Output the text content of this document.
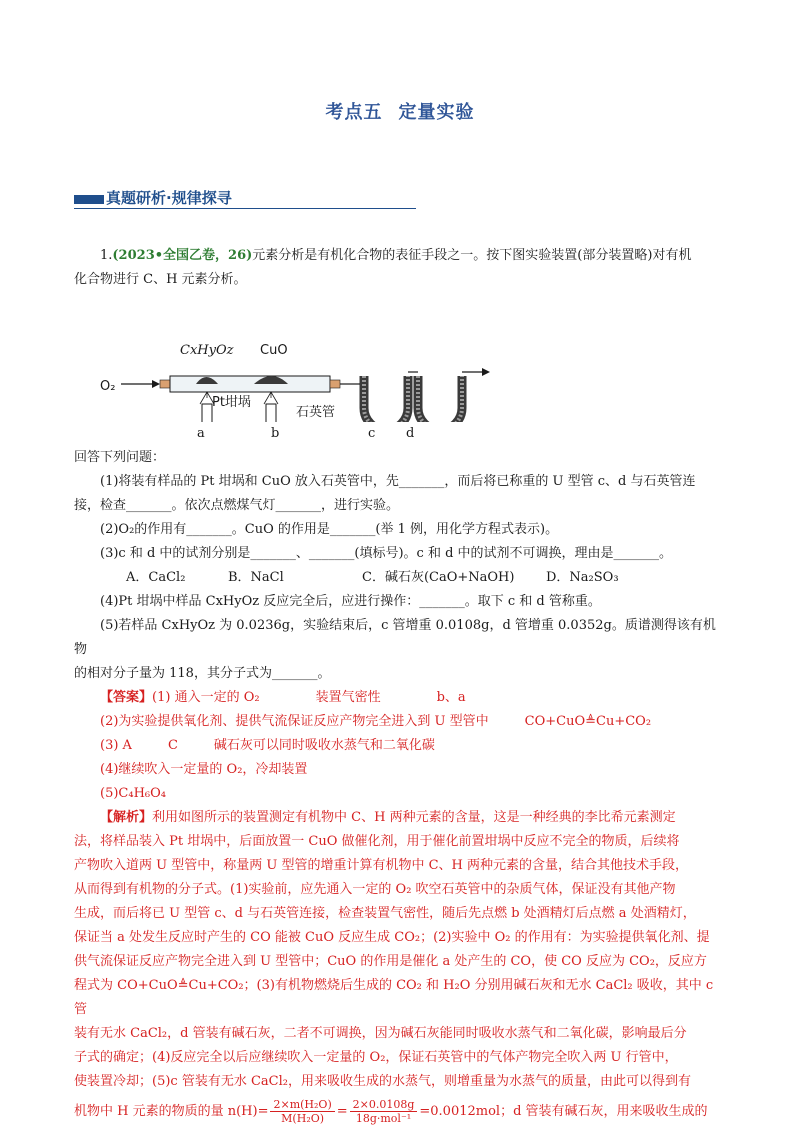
考点五 定量实验
真题研析·规律探寻

1.(2023•全国乙卷，26)元素分析是有机化合物的表征手段之一。按下图实验装置(部分装置略)对有机

化合物进行 C、H 元素分析。

O₂
CxHyOz CuO
Pt坩埚
石英管

a	b	c d

回答下列问题：

(1)将装有样品的 Pt 坩埚和 CuO 放入石英管中，先_______，而后将已称重的 U 型管 c、d 与石英管连

接，检查_______。依次点燃煤气灯_______，进行实验。

(2)O₂的作用有_______。CuO 的作用是_______(举 1 例，用化学方程式表示)。

(3)c 和 d 中的试剂分别是_______、_______(填标号)。c 和 d 中的试剂不可调换，理由是_______。

A．CaCl₂	B．NaCl	C．碱石灰(CaO+NaOH) D．Na₂SO₃

(4)Pt 坩埚中样品 CxHyOz 反应完全后，应进行操作：_______。取下 c 和 d 管称重。

(5)若样品 CxHyOz 为 0.0236g，实验结束后，c 管增重 0.0108g，d 管增重 0.0352g。质谱测得该有机物

的相对分子量为 118，其分子式为_______。

【答案】(1) 通入一定的 O₂	装置气密性	b、a

(2)为实验提供氧化剂、提供气流保证反应产物完全进入到 U 型管中	CO+CuO≜Cu+CO₂

(3) A	C	碱石灰可以同时吸收水蒸气和二氧化碳

(4)继续吹入一定量的 O₂，冷却装置

(5)C₄H₆O₄

【解析】利用如图所示的装置测定有机物中 C、H 两种元素的含量，这是一种经典的李比希元素测定

法，将样品装入 Pt 坩埚中，后面放置一 CuO 做催化剂，用于催化前置坩埚中反应不完全的物质，后续将

产物吹入道两 U 型管中，称量两 U 型管的增重计算有机物中 C、H 两种元素的含量，结合其他技术手段，

从而得到有机物的分子式。(1)实验前，应先通入一定的 O₂ 吹空石英管中的杂质气体，保证没有其他产物

生成，而后将已 U 型管 c、d 与石英管连接，检查装置气密性，随后先点燃 b 处酒精灯后点燃 a 处酒精灯，

保证当 a 处发生反应时产生的 CO 能被 CuO 反应生成 CO₂；(2)实验中 O₂ 的作用有：为实验提供氧化剂、提

供气流保证反应产物完全进入到 U 型管中；CuO 的作用是催化 a 处产生的 CO，使 CO 反应为 CO₂，反应方

程式为 CO+CuO≜Cu+CO₂；(3)有机物燃烧后生成的 CO₂ 和 H₂O 分别用碱石灰和无水 CaCl₂ 吸收，其中 c 管

装有无水 CaCl₂，d 管装有碱石灰，二者不可调换，因为碱石灰能同时吸收水蒸气和二氧化碳，影响最后分

子式的确定；(4)反应完全以后应继续吹入一定量的 O₂，保证石英管中的气体产物完全吹入两 U 行管中，

使装置冷却；(5)c 管装有无水 CaCl₂，用来吸收生成的水蒸气，则增重量为水蒸气的质量，由此可以得到有

机物中 H 元素的物质的量 $n(H)= \frac{\text{2×m(H₂O)}}{\text{M(H₂O)}} = \frac{2\times 0.0108g}{\text{18g·mol⁻¹}} =0.0012mol$；d 管装有碱石灰，用来吸收生成的
